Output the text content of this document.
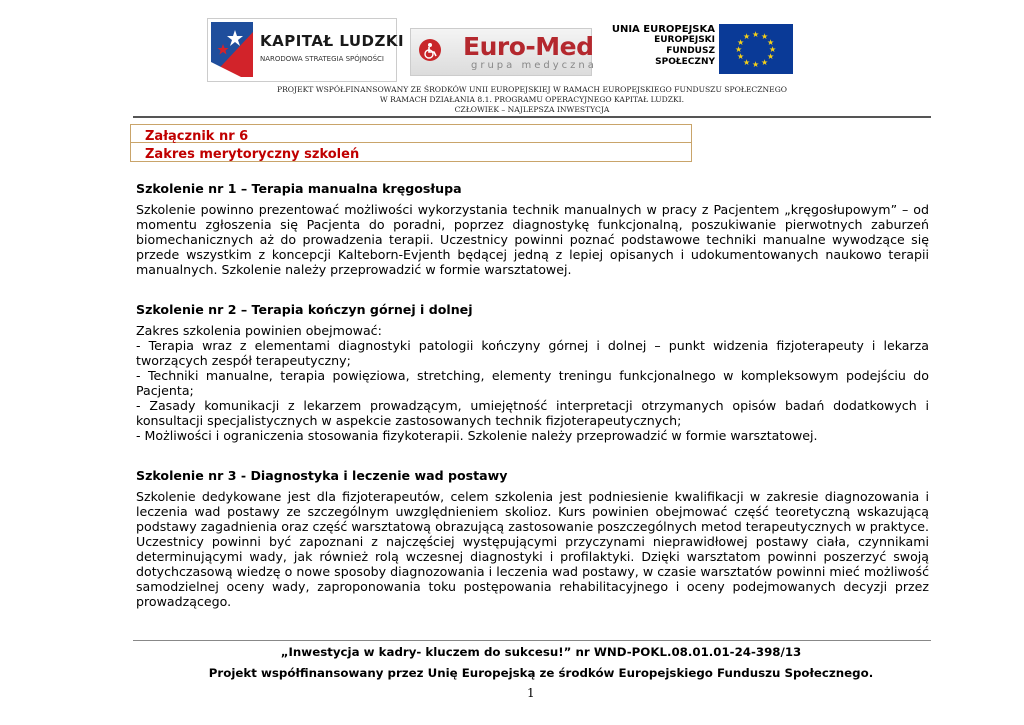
KAPITAŁ LUDZKI
NARODOWA STRATEGIA SPÓJNOŚCI	Euro-Med
grupa medyczna
UNIA EUROPEJSKA
EUROPEJSKI
FUNDUSZ SPOŁECZNY
★ ★
★
★
★
★
★
★
★
★
★
★
PROJEKT WSPÓŁFINANSOWANY ZE ŚRODKÓW UNII EUROPEJSKIEJ W RAMACH EUROPEJSKIEGO FUNDUSZU SPOŁECZNEGO
W RAMACH DZIAŁANIA 8.1. PROGRAMU OPERACYJNEGO KAPITAŁ LUDZKI.
CZŁOWIEK – NAJLEPSZA INWESTYCJA
Załącznik nr 6
Zakres merytoryczny szkoleń

Szkolenie nr 1 – Terapia manualna kręgosłupa

Szkolenie powinno prezentować możliwości wykorzystania technik manualnych w pracy z Pacjentem „kręgosłupowym” – od momentu zgłoszenia się Pacjenta do poradni, poprzez diagnostykę funkcjonalną, poszukiwanie pierwotnych zaburzeń biomechanicznych aż do prowadzenia terapii. Uczestnicy powinni poznać podstawowe techniki manualne wywodzące się przede wszystkim z koncepcji Kalteborn-Evjenth będącej jedną z lepiej opisanych i udokumentowanych naukowo terapii manualnych. Szkolenie należy przeprowadzić w formie warsztatowej.

Szkolenie nr 2 – Terapia kończyn górnej i dolnej

Zakres szkolenia powinien obejmować:

- Terapia wraz z elementami diagnostyki patologii kończyny górnej i dolnej – punkt widzenia fizjoterapeuty i lekarza tworzących zespół terapeutyczny;

- Techniki manualne, terapia powięziowa, stretching, elementy treningu funkcjonalnego w kompleksowym podejściu do Pacjenta;

- Zasady komunikacji z lekarzem prowadzącym, umiejętność interpretacji otrzymanych opisów badań dodatkowych i konsultacji specjalistycznych w aspekcie zastosowanych technik fizjoterapeutycznych;

- Możliwości i ograniczenia stosowania fizykoterapii. Szkolenie należy przeprowadzić w formie warsztatowej.

Szkolenie nr 3 - Diagnostyka i leczenie wad postawy

Szkolenie dedykowane jest dla fizjoterapeutów, celem szkolenia jest podniesienie kwalifikacji w zakresie diagnozowania i leczenia wad postawy ze szczególnym uwzględnieniem skolioz. Kurs powinien obejmować część teoretyczną wskazującą podstawy zagadnienia oraz część warsztatową obrazującą zastosowanie poszczególnych metod terapeutycznych w praktyce. Uczestnicy powinni być zapoznani z najczęściej występującymi przyczynami nieprawidłowej postawy ciała, czynnikami determinującymi wady, jak również rolą wczesnej diagnostyki i profilaktyki. Dzięki warsztatom powinni poszerzyć swoją dotychczasową wiedzę o nowe sposoby diagnozowania i leczenia wad postawy, w czasie warsztatów powinni mieć możliwość samodzielnej oceny wady, zaproponowania toku postępowania rehabilitacyjnego i oceny podejmowanych decyzji przez prowadzącego.

„Inwestycja w kadry- kluczem do sukcesu!” nr WND-POKL.08.01.01-24-398/13
Projekt współfinansowany przez Unię Europejską ze środków Europejskiego Funduszu Społecznego.
1
